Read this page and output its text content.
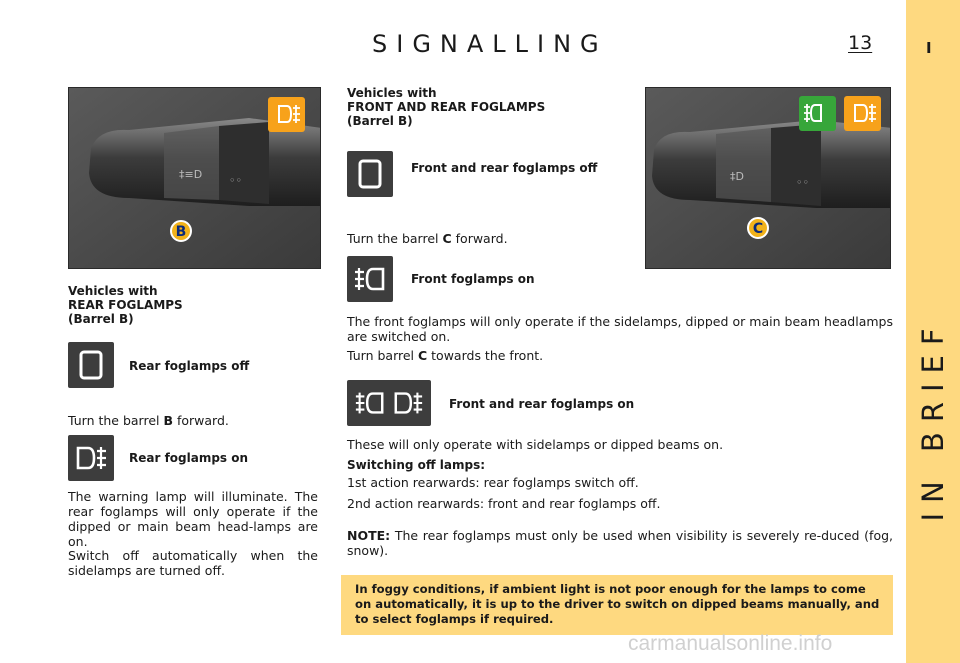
SIGNALLING	13	I
IN BRIEF
‡≡D ◦◦
B
‡D	◦◦
C
Vehicles with
REAR FOGLAMPS
(Barrel B)
Rear foglamps off
Turn the barrel B forward.
Rear foglamps on
The warning lamp will illuminate. The rear foglamps will only operate if the dipped or main beam head-lamps are on.
Switch off automatically when the sidelamps are turned off.
Vehicles with
FRONT AND REAR FOGLAMPS
(Barrel B)
Front and rear foglamps off
Turn the barrel C forward.
Front foglamps on
The front foglamps will only operate if the sidelamps, dipped or main beam headlamps are switched on.
Turn barrel C towards the front.
Front and rear foglamps on
These will only operate with sidelamps or dipped beams on.
Switching off lamps:
1st action rearwards: rear foglamps switch off.
2nd action rearwards: front and rear foglamps off.
NOTE: The rear foglamps must only be used when visibility is severely re-duced (fog, snow).
In foggy conditions, if ambient light is not poor enough for the lamps to come on automatically, it is up to the driver to switch on dipped beams manually, and to select foglamps if required.
carmanualsonline.info
